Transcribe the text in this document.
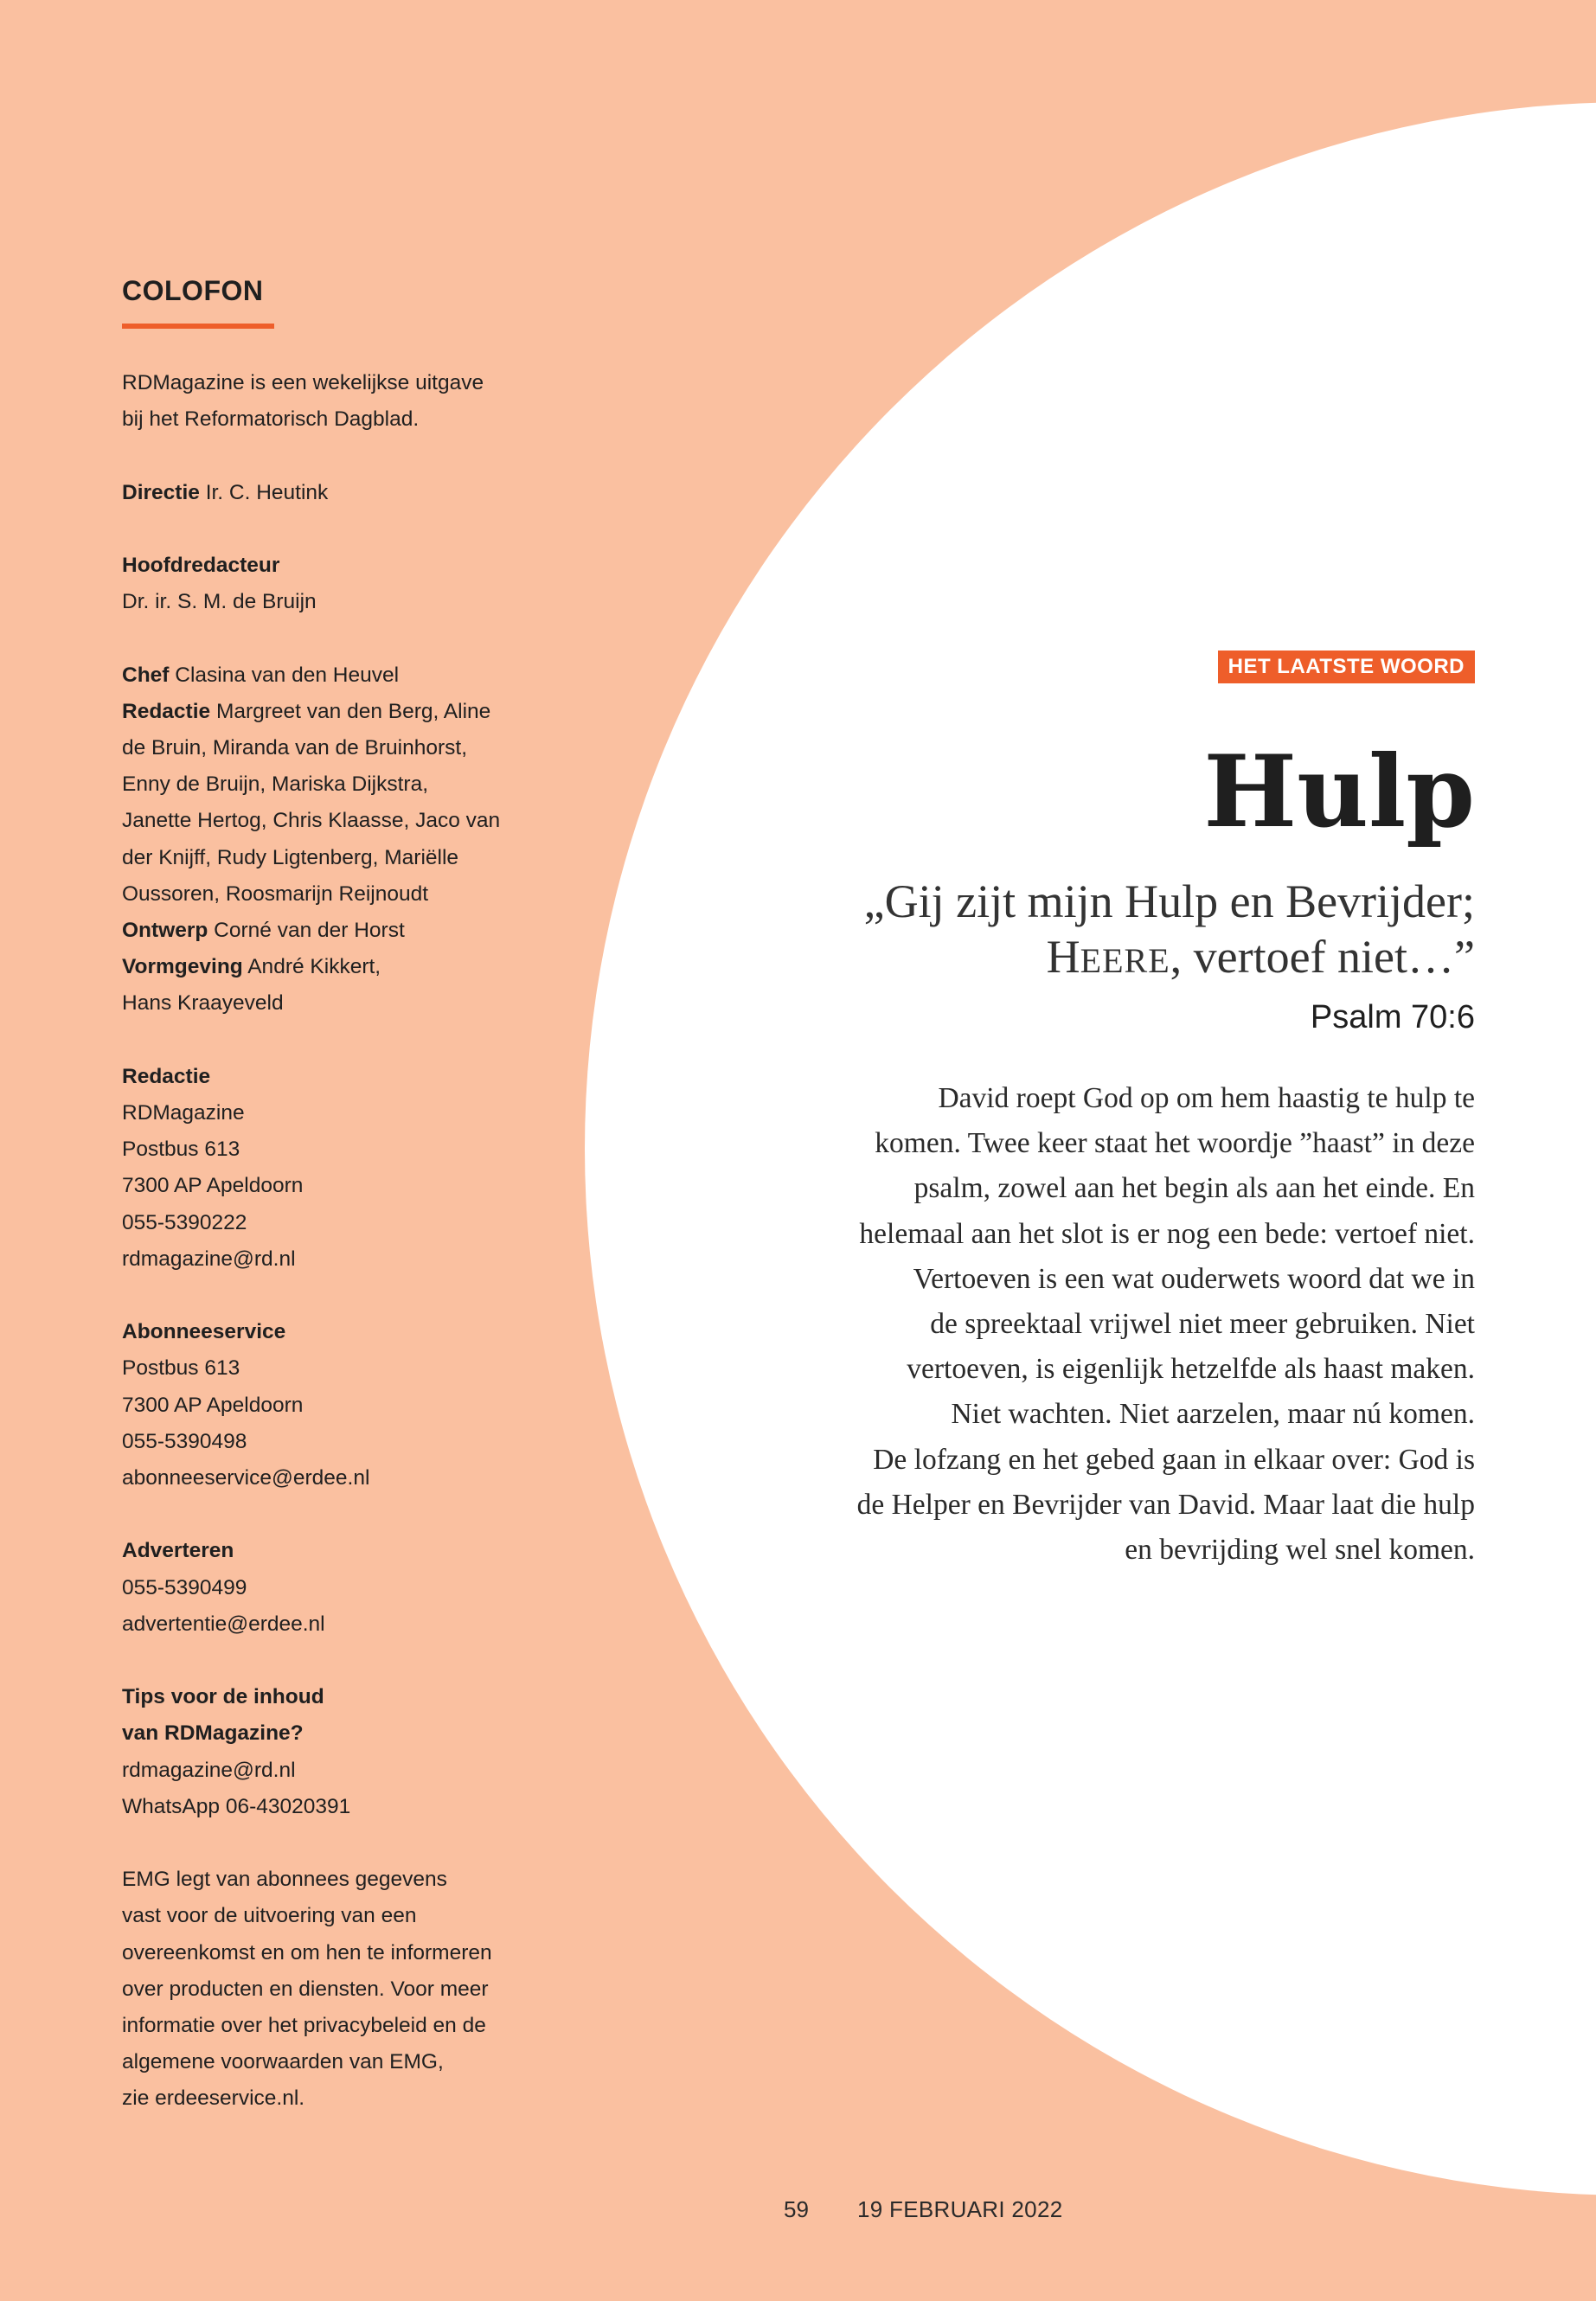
COLOFON
RDMagazine is een wekelijkse uitgave
bij het Reformatorisch Dagblad.
Directie Ir. C. Heutink
Hoofdredacteur
Dr. ir. S. M. de Bruijn
Chef Clasina van den Heuvel
Redactie Margreet van den Berg, Aline
de Bruin, Miranda van de Bruinhorst,
Enny de Bruijn, Mariska Dijkstra,
Janette Hertog, Chris Klaasse, Jaco van
der Knijff, Rudy Ligtenberg, Mariëlle
Oussoren, Roosmarijn Reijnoudt
Ontwerp Corné van der Horst
Vormgeving André Kikkert,
Hans Kraayeveld
Redactie
RDMagazine
Postbus 613
7300 AP Apeldoorn
055-5390222
rdmagazine@rd.nl
Abonneeservice
Postbus 613
7300 AP Apeldoorn
055-5390498
abonneeservice@erdee.nl
Adverteren
055-5390499
advertentie@erdee.nl
Tips voor de inhoud
van RDMagazine?
rdmagazine@rd.nl
WhatsApp 06-43020391
EMG legt van abonnees gegevens
vast voor de uitvoering van een
overeenkomst en om hen te informeren
over producten en diensten. Voor meer
informatie over het privacybeleid en de
algemene voorwaarden van EMG,
zie erdeeservice.nl.
HET LAATSTE WOORD
Hulp
„Gij zijt mijn Hulp en Bevrijder;
HEERE, vertoef niet…”
Psalm 70:6
David roept God op om hem haastig te hulp te
komen. Twee keer staat het woordje ”haast” in deze
psalm, zowel aan het begin als aan het einde. En
helemaal aan het slot is er nog een bede: vertoef niet.
Vertoeven is een wat ouderwets woord dat we in
de spreektaal vrijwel niet meer gebruiken. Niet
vertoeven, is eigenlijk hetzelfde als haast maken.
Niet wachten. Niet aarzelen, maar nú komen.
De lofzang en het gebed gaan in elkaar over: God is
de Helper en Bevrijder van David. Maar laat die hulp
en bevrijding wel snel komen.
59 19 FEBRUARI 2022
